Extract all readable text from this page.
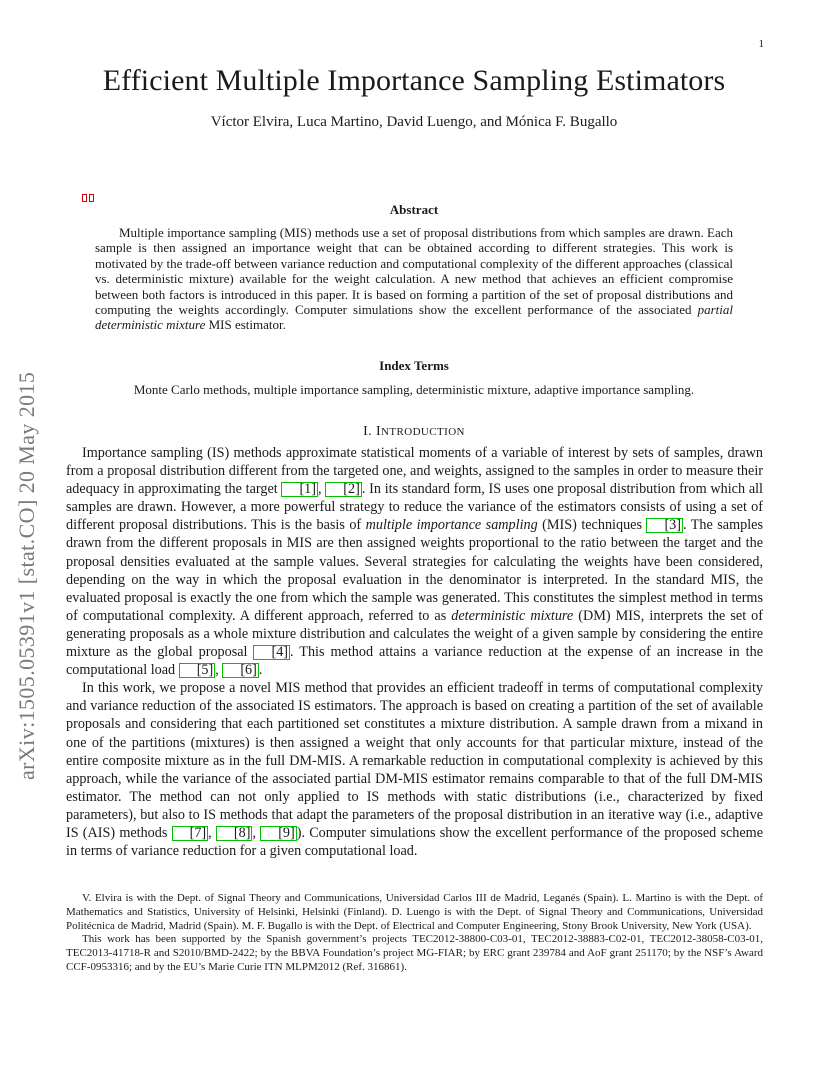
1
Efficient Multiple Importance Sampling Estimators
Víctor Elvira, Luca Martino, David Luengo, and Mónica F. Bugallo
arXiv:1505.05391v1 [stat.CO] 20 May 2015
Abstract

Multiple importance sampling (MIS) methods use a set of proposal distributions from which samples are drawn. Each sample is then assigned an importance weight that can be obtained according to different strategies. This work is motivated by the trade-off between variance reduction and computational complexity of the different approaches (classical vs. deterministic mixture) available for the weight calculation. A new method that achieves an efficient compromise between both factors is introduced in this paper. It is based on forming a partition of the set of proposal distributions and computing the weights accordingly. Computer simulations show the excellent performance of the associated partial deterministic mixture MIS estimator.

Index Terms
Monte Carlo methods, multiple importance sampling, deterministic mixture, adaptive importance sampling.
I. INTRODUCTION

Importance sampling (IS) methods approximate statistical moments of a variable of interest by sets of samples, drawn from a proposal distribution different from the targeted one, and weights, assigned to the samples in order to measure their adequacy in approximating the target [1] , [2] . In its standard form, IS uses one proposal distribution from which all samples are drawn. However, a more powerful strategy to reduce the variance of the estimators consists of using a set of different proposal distributions. This is the basis of multiple importance sampling (MIS) techniques [3] . The samples drawn from the different proposals in MIS are then assigned weights proportional to the ratio between the target and the proposal densities evaluated at the sample values. Several strategies for calculating the weights have been considered, depending on the way in which the proposal evaluation in the denominator is interpreted. In the standard MIS, the evaluated proposal is exactly the one from which the sample was generated. This constitutes the simplest method in terms of computational complexity. A different approach, referred to as deterministic mixture (DM) MIS, interprets the set of generating proposals as a whole mixture distribution and calculates the weight of a given sample by considering the entire mixture as the global proposal [4] . This method attains a variance reduction at the expense of an increase in the computational load [5] , [6] .

In this work, we propose a novel MIS method that provides an efficient tradeoff in terms of computational complexity and variance reduction of the associated IS estimators. The approach is based on creating a partition of the set of available proposals and considering that each partitioned set constitutes a mixture distribution. A sample drawn from a mixand in one of the partitions (mixtures) is then assigned a weight that only accounts for that particular mixture, instead of the entire composite mixture as in the full DM-MIS. A remarkable reduction in computational complexity is achieved by this approach, while the variance of the associated partial DM-MIS estimator remains comparable to that of the full DM-MIS estimator. The method can not only applied to IS methods with static distributions (i.e., characterized by fixed parameters), but also to IS methods that adapt the parameters of the proposal distribution in an iterative way (i.e., adaptive IS (AIS) methods [7] , [8] , [9] ). Computer simulations show the excellent performance of the proposed scheme in terms of variance reduction for a given computational load.

V. Elvira is with the Dept. of Signal Theory and Communications, Universidad Carlos III de Madrid, Leganés (Spain). L. Martino is with the Dept. of Mathematics and Statistics, University of Helsinki, Helsinki (Finland). D. Luengo is with the Dept. of Signal Theory and Communications, Universidad Politécnica de Madrid, Madrid (Spain). M. F. Bugallo is with the Dept. of Electrical and Computer Engineering, Stony Brook University, New York (USA).

This work has been supported by the Spanish government’s projects TEC2012-38800-C03-01, TEC2012-38883-C02-01, TEC2012-38058-C03-01, TEC2013-41718-R and S2010/BMD-2422; by the BBVA Foundation’s project MG-FIAR; by ERC grant 239784 and AoF grant 251170; by the NSF’s Award CCF-0953316; and by the EU’s Marie Curie ITN MLPM2012 (Ref. 316861).
